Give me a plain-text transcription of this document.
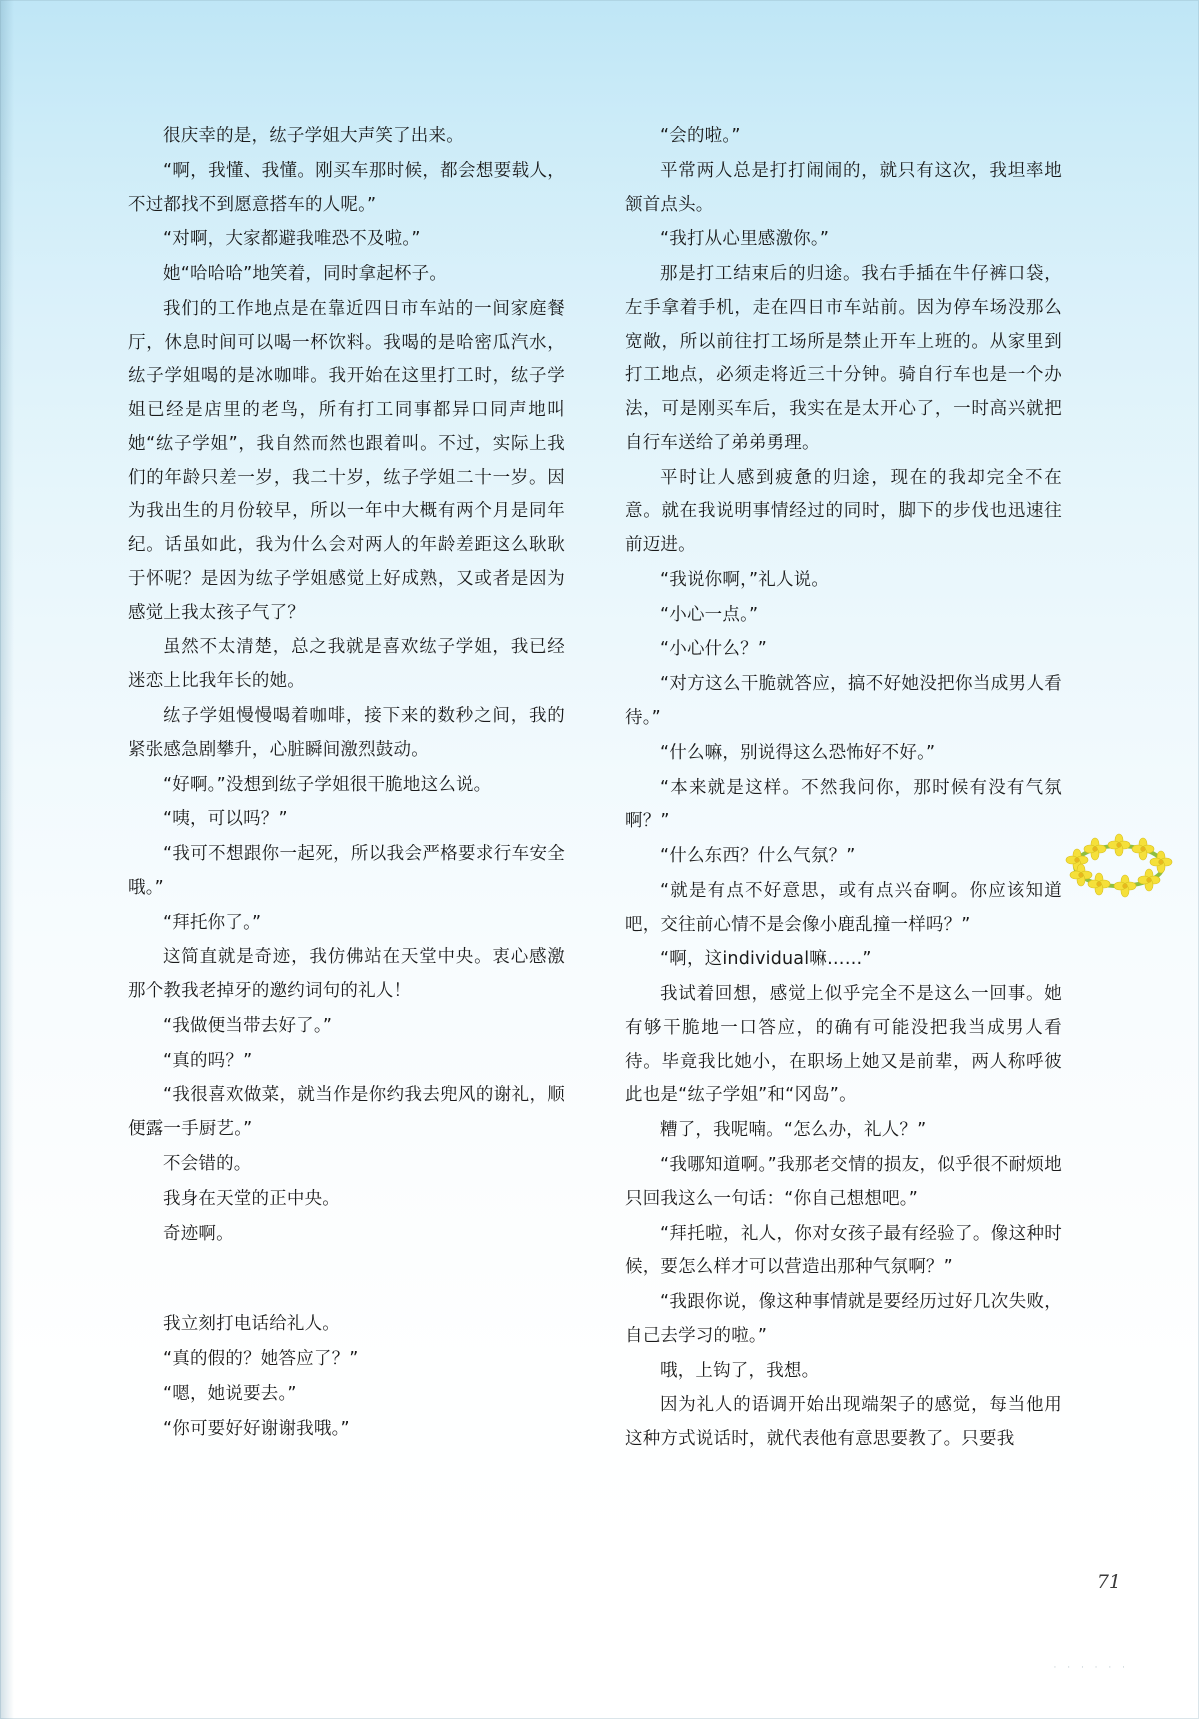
很庆幸的是，纮子学姐大声笑了出来。

“啊，我懂、我懂。刚买车那时候，都会想要载人，不过都找不到愿意搭车的人呢。”

“对啊，大家都避我唯恐不及啦。”

她“哈哈哈”地笑着，同时拿起杯子。

我们的工作地点是在靠近四日市车站的一间家庭餐厅，休息时间可以喝一杯饮料。我喝的是哈密瓜汽水，纮子学姐喝的是冰咖啡。我开始在这里打工时，纮子学姐已经是店里的老鸟，所有打工同事都异口同声地叫她“纮子学姐”，我自然而然也跟着叫。不过，实际上我们的年龄只差一岁，我二十岁，纮子学姐二十一岁。因为我出生的月份较早，所以一年中大概有两个月是同年纪。话虽如此，我为什么会对两人的年龄差距这么耿耿于怀呢？是因为纮子学姐感觉上好成熟，又或者是因为感觉上我太孩子气了？

虽然不太清楚，总之我就是喜欢纮子学姐，我已经迷恋上比我年长的她。

纮子学姐慢慢喝着咖啡，接下来的数秒之间，我的紧张感急剧攀升，心脏瞬间激烈鼓动。

“好啊。”没想到纮子学姐很干脆地这么说。

“咦，可以吗？”

“我可不想跟你一起死，所以我会严格要求行车安全哦。”

“拜托你了。”

这简直就是奇迹，我仿佛站在天堂中央。衷心感激那个教我老掉牙的邀约词句的礼人！

“我做便当带去好了。”

“真的吗？”

“我很喜欢做菜，就当作是你约我去兜风的谢礼，顺便露一手厨艺。”

不会错的。

我身在天堂的正中央。

奇迹啊。

我立刻打电话给礼人。

“真的假的？她答应了？”

“嗯，她说要去。”

“你可要好好谢谢我哦。”

“会的啦。”

平常两人总是打打闹闹的，就只有这次，我坦率地颔首点头。

“我打从心里感激你。”

那是打工结束后的归途。我右手插在牛仔裤口袋，左手拿着手机，走在四日市车站前。因为停车场没那么宽敞，所以前往打工场所是禁止开车上班的。从家里到打工地点，必须走将近三十分钟。骑自行车也是一个办法，可是刚买车后，我实在是太开心了，一时高兴就把自行车送给了弟弟勇理。

平时让人感到疲惫的归途，现在的我却完全不在意。就在我说明事情经过的同时，脚下的步伐也迅速往前迈进。

“我说你啊，”礼人说。

“小心一点。”

“小心什么？”

“对方这么干脆就答应，搞不好她没把你当成男人看待。”

“什么嘛，别说得这么恐怖好不好。”

“本来就是这样。不然我问你，那时候有没有气氛啊？”

“什么东西？什么气氛？”

“就是有点不好意思，或有点兴奋啊。你应该知道吧，交往前心情不是会像小鹿乱撞一样吗？”

“啊，这individual嘛……”

我试着回想，感觉上似乎完全不是这么一回事。她有够干脆地一口答应，的确有可能没把我当成男人看待。毕竟我比她小，在职场上她又是前辈，两人称呼彼此也是“纮子学姐”和“冈岛”。

糟了，我呢喃。“怎么办，礼人？”

“我哪知道啊。”我那老交情的损友，似乎很不耐烦地只回我这么一句话：“你自己想想吧。”

“拜托啦，礼人，你对女孩子最有经验了。像这种时候，要怎么样才可以营造出那种气氛啊？”

“我跟你说，像这种事情就是要经历过好几次失败，自己去学习的啦。”

哦，上钩了，我想。

因为礼人的语调开始出现端架子的感觉，每当他用这种方式说话时，就代表他有意思要教了。只要我

71
· · · · · ·
